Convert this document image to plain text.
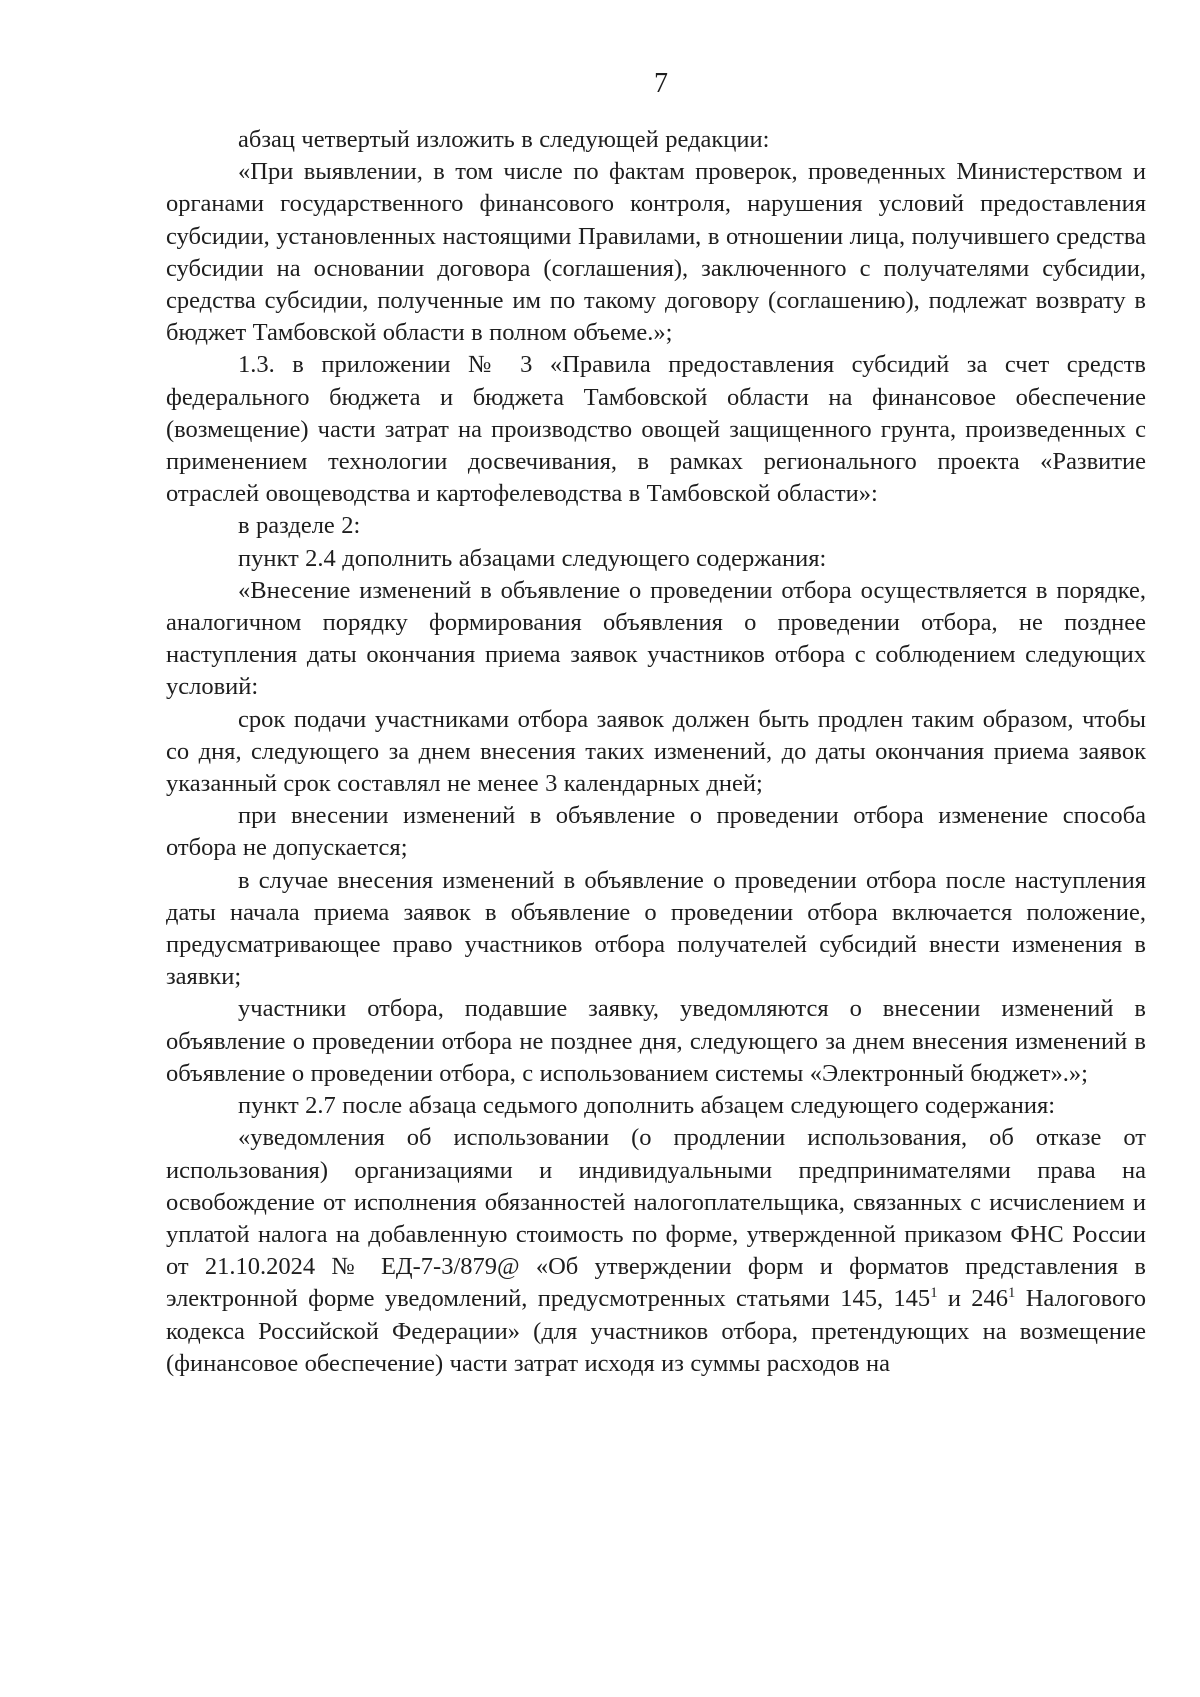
7

абзац четвертый изложить в следующей редакции:

«При выявлении, в том числе по фактам проверок, проведенных Министерством и органами государственного финансового контроля, нарушения условий предоставления субсидии, установленных настоящими Правилами, в отношении лица, получившего средства субсидии на основании договора (соглашения), заключенного с получателями субсидии, средства субсидии, полученные им по такому договору (соглашению), подлежат возврату в бюджет Тамбовской области в полном объеме.»;

1.3. в приложении № 3 «Правила предоставления субсидий за счет средств федерального бюджета и бюджета Тамбовской области на финансовое обеспечение (возмещение) части затрат на производство овощей защищенного грунта, произведенных с применением технологии досвечивания, в рамках регионального проекта «Развитие отраслей овощеводства и картофелеводства в Тамбовской области»:

в разделе 2:

пункт 2.4 дополнить абзацами следующего содержания:

«Внесение изменений в объявление о проведении отбора осуществляется в порядке, аналогичном порядку формирования объявления о проведении отбора, не позднее наступления даты окончания приема заявок участников отбора с соблюдением следующих условий:

срок подачи участниками отбора заявок должен быть продлен таким образом, чтобы со дня, следующего за днем внесения таких изменений, до даты окончания приема заявок указанный срок составлял не менее 3 календарных дней;

при внесении изменений в объявление о проведении отбора изменение способа отбора не допускается;

в случае внесения изменений в объявление о проведении отбора после наступления даты начала приема заявок в объявление о проведении отбора включается положение, предусматривающее право участников отбора получателей субсидий внести изменения в заявки;

участники отбора, подавшие заявку, уведомляются о внесении изменений в объявление о проведении отбора не позднее дня, следующего за днем внесения изменений в объявление о проведении отбора, с использованием системы «Электронный бюджет».»;

пункт 2.7 после абзаца седьмого дополнить абзацем следующего содержания:

«уведомления об использовании (о продлении использования, об отказе от использования) организациями и индивидуальными предпринимателями права на освобождение от исполнения обязанностей налогоплательщика, связанных с исчислением и уплатой налога на добавленную стоимость по форме, утвержденной приказом ФНС России от 21.10.2024 № ЕД-7-3/879@ «Об утверждении форм и форматов представления в электронной форме уведомлений, предусмотренных статьями 145, $145^1$ и $246^1$ Налогового кодекса Российской Федерации» (для участников отбора, претендующих на возмещение (финансовое обеспечение) части затрат исходя из суммы расходов на
